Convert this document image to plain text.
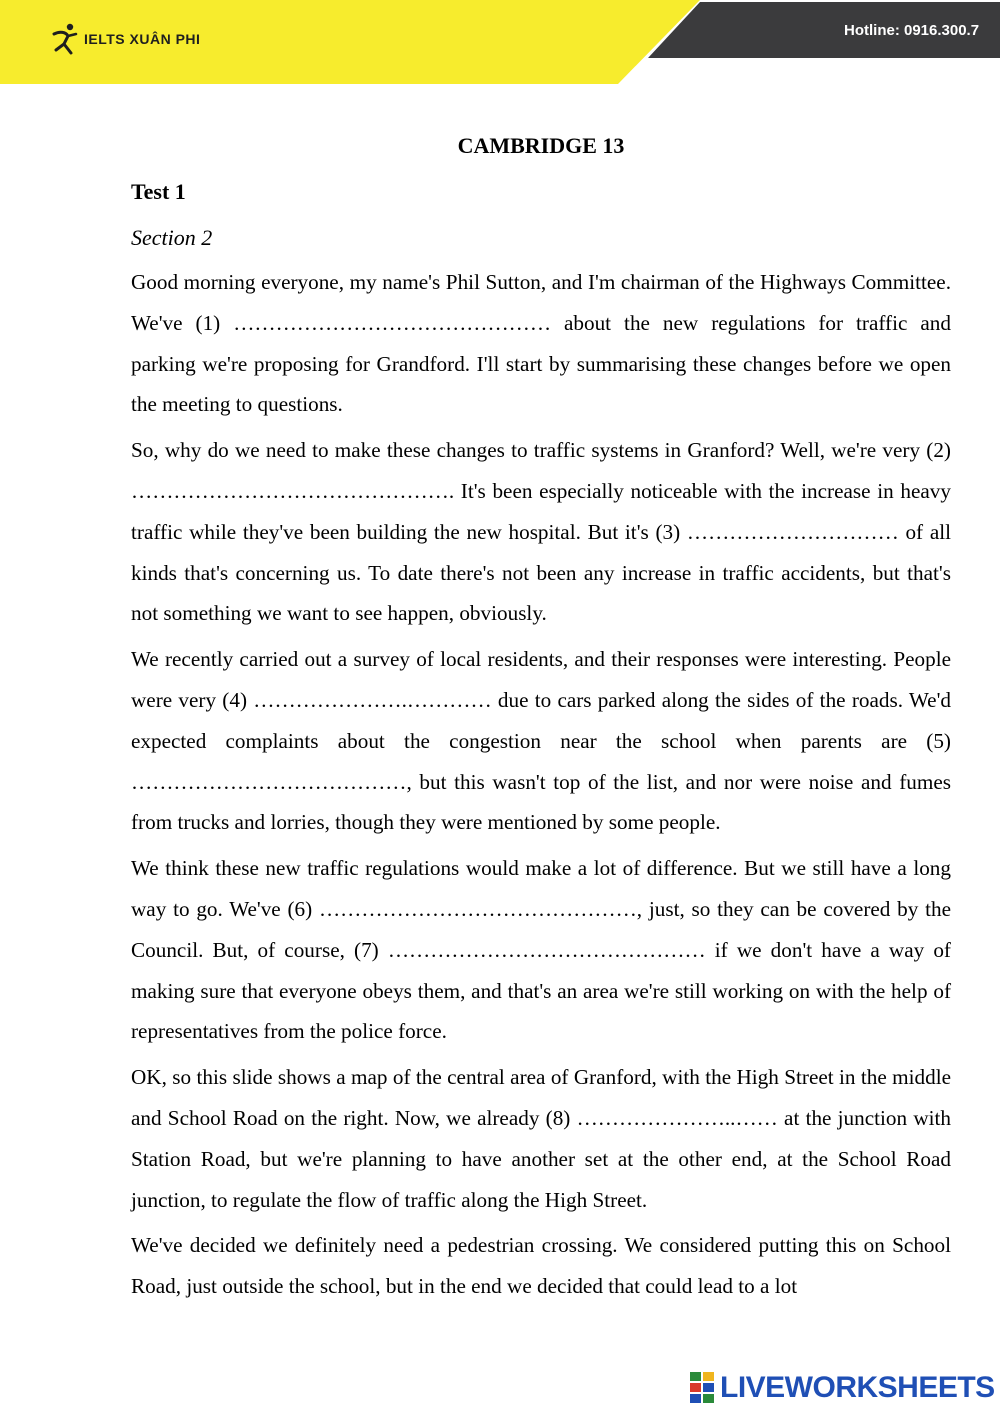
IELTS XUÂN PHI	Hotline: 0916.300.7
CAMBRIDGE 13
Test 1
Section 2

Good morning everyone, my name's Phil Sutton, and I'm chairman of the Highways Committee. We've (1) ……………………………………… about the new regulations for traffic and parking we're proposing for Grandford. I'll start by summarising these changes before we open the meeting to questions.

So, why do we need to make these changes to traffic systems in Granford? Well, we're very (2) ………………………………………. It's been especially noticeable with the increase in heavy traffic while they've been building the new hospital. But it's (3) ………………………… of all kinds that's concerning us. To date there's not been any increase in traffic accidents, but that's not something we want to see happen, obviously.

We recently carried out a survey of local residents, and their responses were interesting. People were very (4) ………………….………… due to cars parked along the sides of the roads. We'd expected complaints about the congestion near the school when parents are (5) …………………………………, but this wasn't top of the list, and nor were noise and fumes from trucks and lorries, though they were mentioned by some people.

We think these new traffic regulations would make a lot of difference. But we still have a long way to go. We've (6) ………………………………………, just, so they can be covered by the Council. But, of course, (7) ……………………………………… if we don't have a way of making sure that everyone obeys them, and that's an area we're still working on with the help of representatives from the police force.

OK, so this slide shows a map of the central area of Granford, with the High Street in the middle and School Road on the right. Now, we already (8) …………………..…… at the junction with Station Road, but we're planning to have another set at the other end, at the School Road junction, to regulate the flow of traffic along the High Street.

We've decided we definitely need a pedestrian crossing. We considered putting this on School Road, just outside the school, but in the end we decided that could lead to a lot

LIVEWORKSHEETS
